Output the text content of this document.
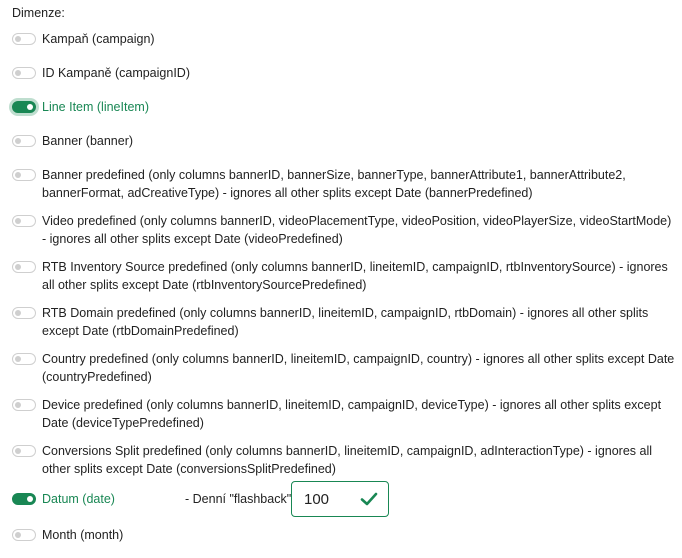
Dimenze:
Kampaň (campaign)
ID Kampaně (campaignID)
Line Item (lineItem)
Banner (banner)
Banner predefined (only columns bannerID, bannerSize, bannerType, bannerAttribute1, bannerAttribute2, bannerFormat, adCreativeType) - ignores all other splits except Date (bannerPredefined)
Video predefined (only columns bannerID, videoPlacementType, videoPosition, videoPlayerSize, videoStartMode) - ignores all other splits except Date (videoPredefined)
RTB Inventory Source predefined (only columns bannerID, lineitemID, campaignID, rtbInventorySource) - ignores all other splits except Date (rtbInventorySourcePredefined)
RTB Domain predefined (only columns bannerID, lineitemID, campaignID, rtbDomain) - ignores all other splits except Date (rtbDomainPredefined)
Country predefined (only columns bannerID, lineitemID, campaignID, country) - ignores all other splits except Date (countryPredefined)
Device predefined (only columns bannerID, lineitemID, campaignID, deviceType) - ignores all other splits except Date (deviceTypePredefined)
Conversions Split predefined (only columns bannerID, lineitemID, campaignID, adInteractionType) - ignores all other splits except Date (conversionsSplitPredefined)
Datum (date)	- Denní "flashback" 100
Month (month)
